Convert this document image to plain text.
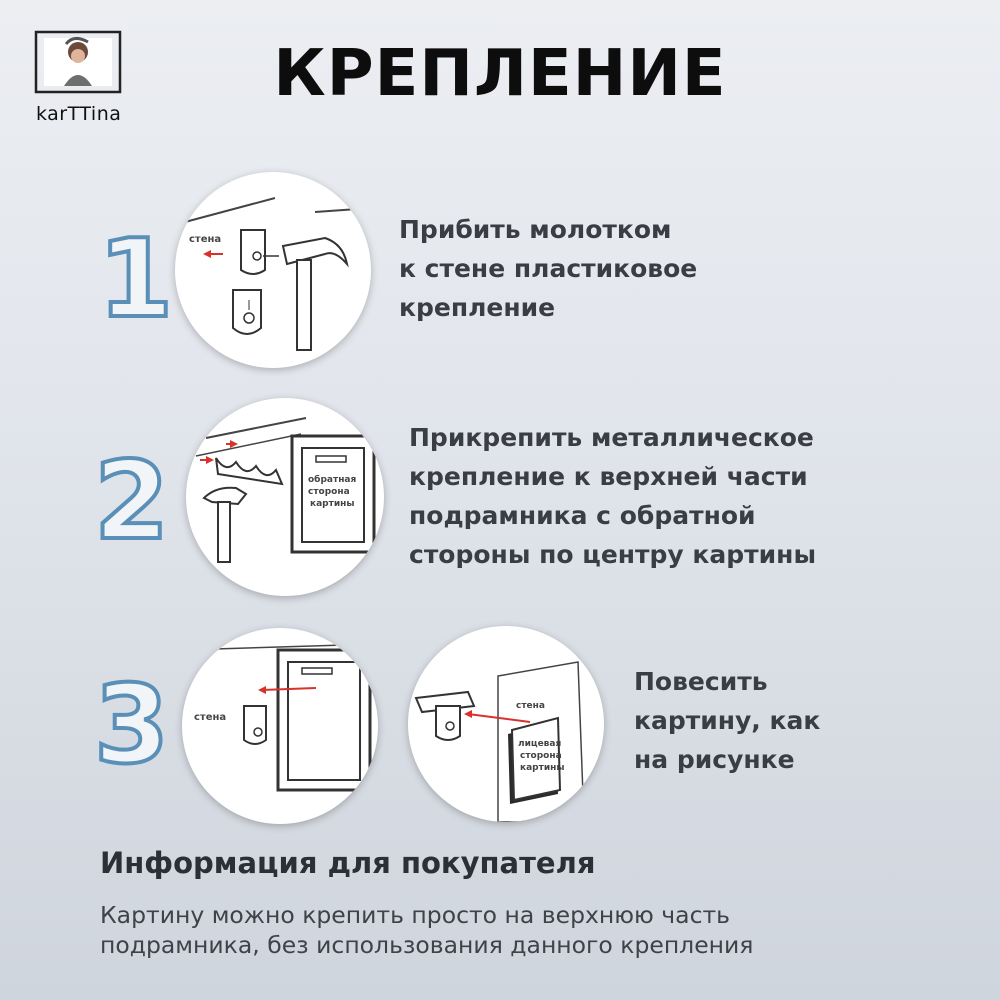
karTTina
КРЕПЛЕНИЕ
1
2
3
стена	Прибить молотком
к стене пластиковое
крепление
обратная
сторона
картины
Прикрепить металлическое
крепление к верхней части
подрамника с обратной
стороны по центру картины
стена
стена
лицевая
сторона
картины
Повесить
картину, как
на рисунке
Информация для покупателя
Картину можно крепить просто на верхнюю часть
подрамника, без использования данного крепления
